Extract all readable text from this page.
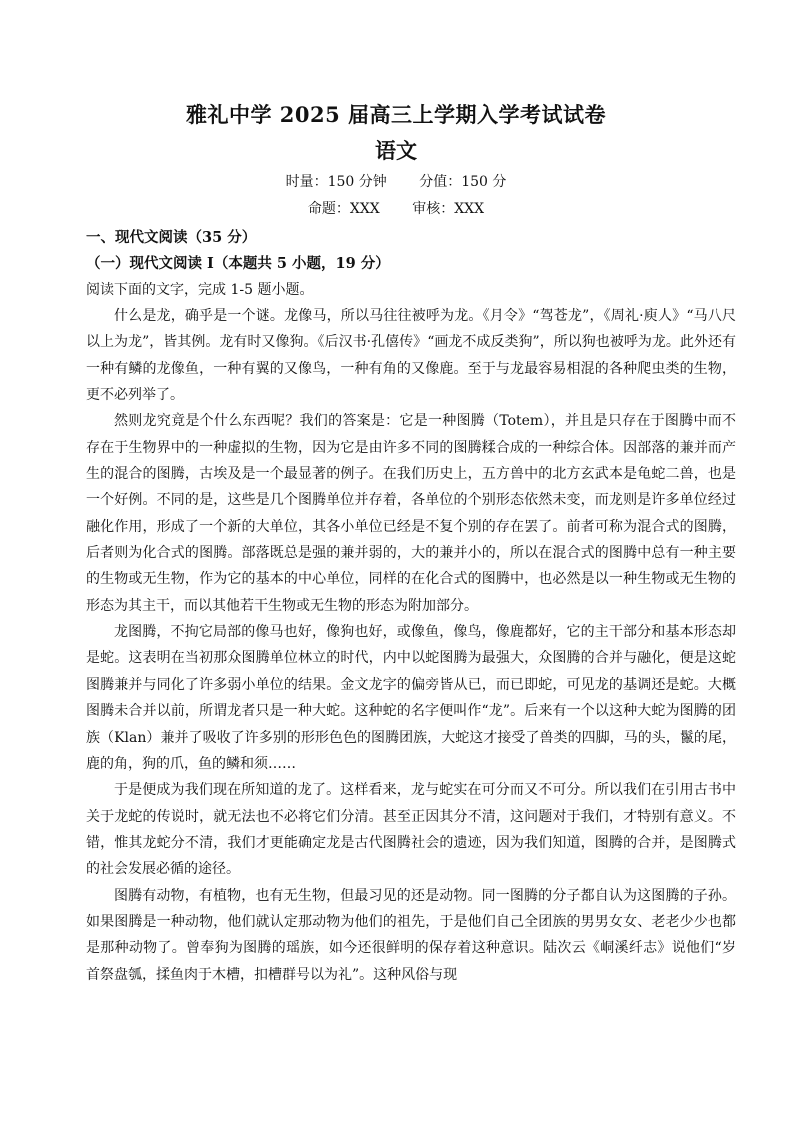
雅礼中学 2025 届高三上学期入学考试试卷
语文
时量：150 分钟 分值：150 分
命题：XXX 审核：XXX
一、现代文阅读（35 分）
（一）现代文阅读 I（本题共 5 小题，19 分）
阅读下面的文字，完成 1-5 题小题。

什么是龙，确乎是一个谜。龙像马，所以马往往被呼为龙。《月令》“驾苍龙”，《周礼·庾人》“马八尺以上为龙”，皆其例。龙有时又像狗。《后汉书·孔僖传》“画龙不成反类狗”，所以狗也被呼为龙。此外还有一种有鳞的龙像鱼，一种有翼的又像鸟，一种有角的又像鹿。至于与龙最容易相混的各种爬虫类的生物，更不必列举了。

然则龙究竟是个什么东西呢？我们的答案是：它是一种图腾（Totem），并且是只存在于图腾中而不存在于生物界中的一种虚拟的生物，因为它是由许多不同的图腾糅合成的一种综合体。因部落的兼并而产生的混合的图腾，古埃及是一个最显著的例子。在我们历史上，五方兽中的北方玄武本是龟蛇二兽，也是一个好例。不同的是，这些是几个图腾单位并存着，各单位的个别形态依然未变，而龙则是许多单位经过融化作用，形成了一个新的大单位，其各小单位已经是不复个别的存在罢了。前者可称为混合式的图腾，后者则为化合式的图腾。部落既总是强的兼并弱的，大的兼并小的，所以在混合式的图腾中总有一种主要的生物或无生物，作为它的基本的中心单位，同样的在化合式的图腾中，也必然是以一种生物或无生物的形态为其主干，而以其他若干生物或无生物的形态为附加部分。

龙图腾，不拘它局部的像马也好，像狗也好，或像鱼，像鸟，像鹿都好，它的主干部分和基本形态却是蛇。这表明在当初那众图腾单位林立的时代，内中以蛇图腾为最强大，众图腾的合并与融化，便是这蛇图腾兼并与同化了许多弱小单位的结果。金文龙字的偏旁皆从已，而已即蛇，可见龙的基调还是蛇。大概图腾未合并以前，所谓龙者只是一种大蛇。这种蛇的名字便叫作“龙”。后来有一个以这种大蛇为图腾的团族（Klan）兼并了吸收了许多别的形形色色的图腾团族，大蛇这才接受了兽类的四脚，马的头，鬣的尾，鹿的角，狗的爪，鱼的鳞和须……

于是便成为我们现在所知道的龙了。这样看来，龙与蛇实在可分而又不可分。所以我们在引用古书中关于龙蛇的传说时，就无法也不必将它们分清。甚至正因其分不清，这问题对于我们，才特别有意义。不错，惟其龙蛇分不清，我们才更能确定龙是古代图腾社会的遗迹，因为我们知道，图腾的合并，是图腾式的社会发展必循的途径。

图腾有动物，有植物，也有无生物，但最习见的还是动物。同一图腾的分子都自认为这图腾的子孙。如果图腾是一种动物，他们就认定那动物为他们的祖先，于是他们自己全团族的男男女女、老老少少也都是那种动物了。曾奉狗为图腾的瑶族，如今还很鲜明的保存着这种意识。陆次云《峒溪纤志》说他们“岁首祭盘瓠，揉鱼肉于木槽，扣槽群号以为礼”。这种风俗与现
